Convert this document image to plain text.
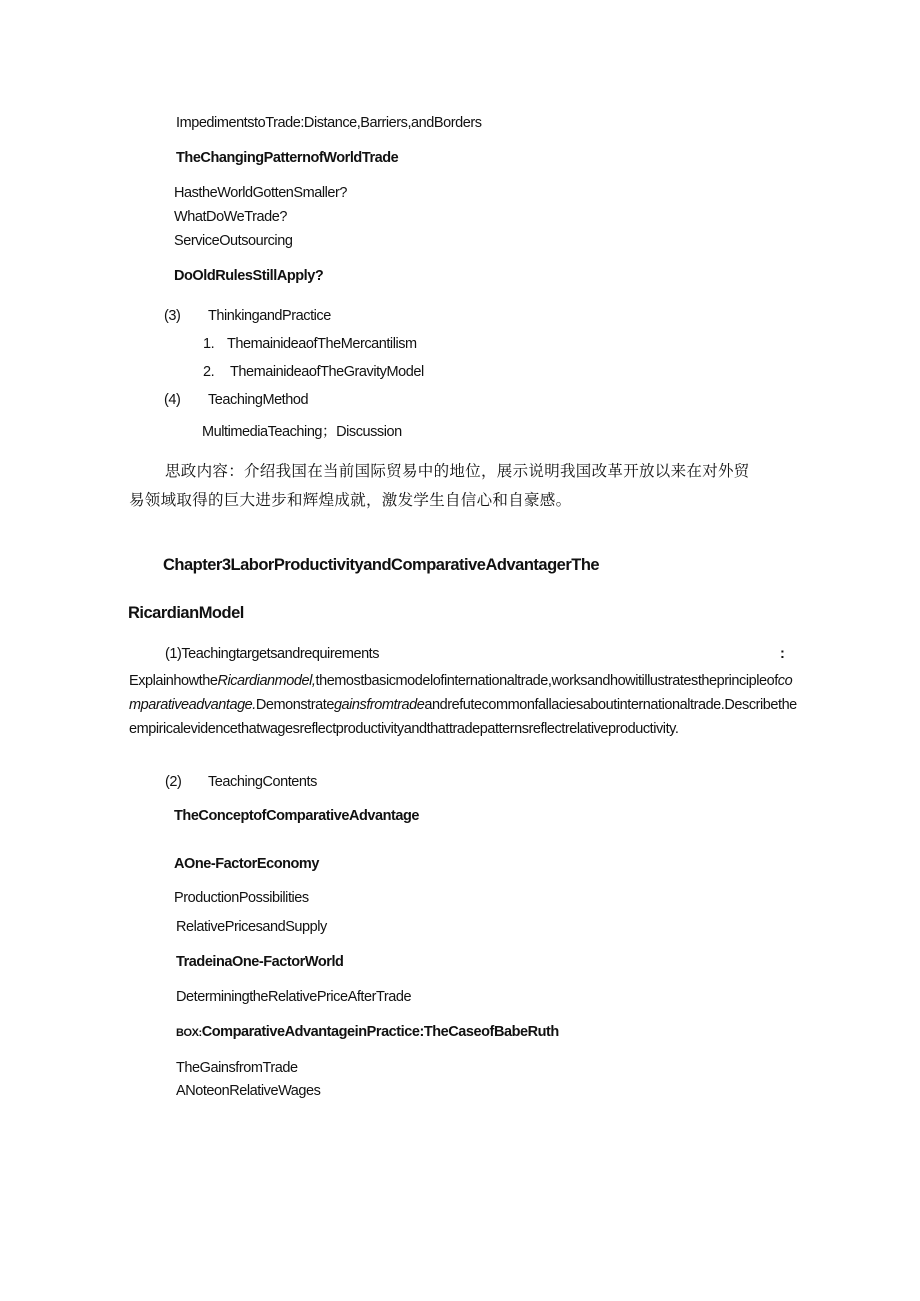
ImpedimentstoTrade:Distance,Barriers,andBorders
TheChangingPatternofWorldTrade
HastheWorldGottenSmaller?
WhatDoWeTrade?
ServiceOutsourcing
DoOldRulesStillApply?
(3) ThinkingandPractice
1. ThemainideaofTheMercantilism
2. ThemainideaofTheGravityModel
(4) TeachingMethod
MultimediaTeaching；Discussion
思政内容：介绍我国在当前国际贸易中的地位，展示说明我国改革开放以来在对外贸
易领域取得的巨大进步和辉煌成就，激发学生自信心和自豪感。
Chapter3LaborProductivityandComparativeAdvantagerThe
RicardianModel
(1)Teachingtargetsandrequirements	:
ExplainhowtheRicardianmodel,themostbasicmodelofinternationaltrade,worksandhowitillustratestheprincipleofcomparativeadvantage.Demonstrategainsfromtradeandrefutecommonfallaciesaboutinternationaltrade.Describetheempiricalevidencethatwagesreflectproductivityandthattradepatternsreflectrelativeproductivity.
(2) TeachingContents
TheConceptofComparativeAdvantage
AOne-FactorEconomy
ProductionPossibilities
RelativePricesandSupply
TradeinaOne-FactorWorld
DeterminingtheRelativePriceAfterTrade
BOX:ComparativeAdvantageinPractice:TheCaseofBabeRuth
TheGainsfromTrade
ANoteonRelativeWages
